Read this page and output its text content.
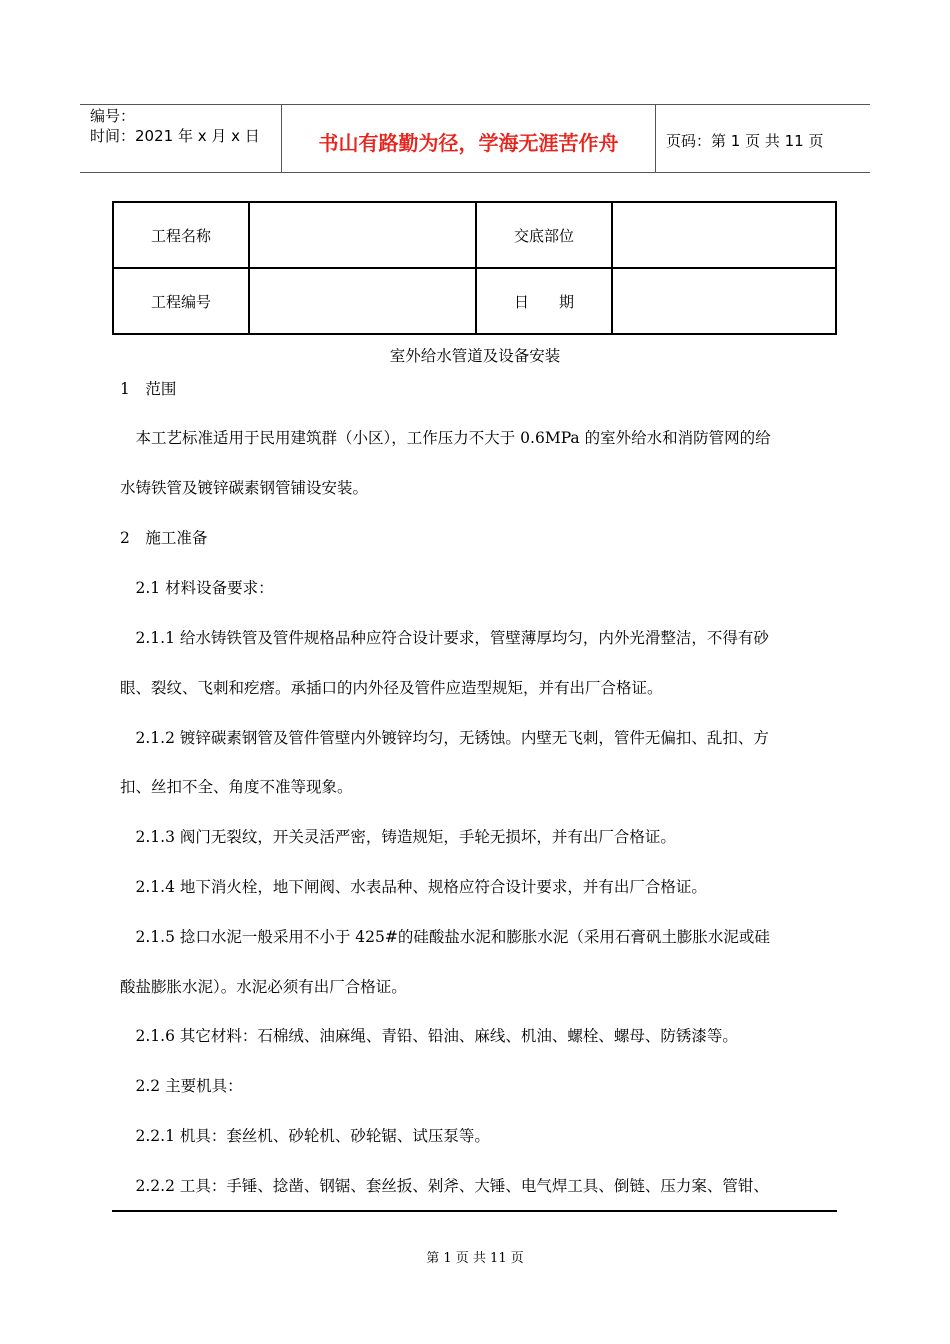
编号：
时间：2021 年 x 月 x 日	书山有路勤为径，学海无涯苦作舟	页码：第 1 页 共 11 页
工程名称		交底部位	
工程编号		日　　期	
室外给水管道及设备安装
1　范围
　本工艺标准适用于民用建筑群（小区），工作压力不大于 0.6MPa 的室外给水和消防管网的给
水铸铁管及镀锌碳素钢管铺设安装。
2　施工准备
　2.1 材料设备要求：
　2.1.1 给水铸铁管及管件规格品种应符合设计要求，管壁薄厚均匀，内外光滑整洁，不得有砂
眼、裂纹、飞刺和疙瘩。承插口的内外径及管件应造型规矩，并有出厂合格证。
　2.1.2 镀锌碳素钢管及管件管壁内外镀锌均匀，无锈蚀。内壁无飞刺，管件无偏扣、乱扣、方
扣、丝扣不全、角度不准等现象。
　2.1.3 阀门无裂纹，开关灵活严密，铸造规矩，手轮无损坏，并有出厂合格证。
　2.1.4 地下消火栓，地下闸阀、水表品种、规格应符合设计要求，并有出厂合格证。
　2.1.5 捻口水泥一般采用不小于 425#的硅酸盐水泥和膨胀水泥（采用石膏矾土膨胀水泥或硅
酸盐膨胀水泥）。水泥必须有出厂合格证。
　2.1.6 其它材料：石棉绒、油麻绳、青铅、铅油、麻线、机油、螺栓、螺母、防锈漆等。
　2.2 主要机具：
　2.2.1 机具：套丝机、砂轮机、砂轮锯、试压泵等。
　2.2.2 工具：手锤、捻凿、钢锯、套丝扳、剁斧、大锤、电气焊工具、倒链、压力案、管钳、
第 1 页 共 11 页
